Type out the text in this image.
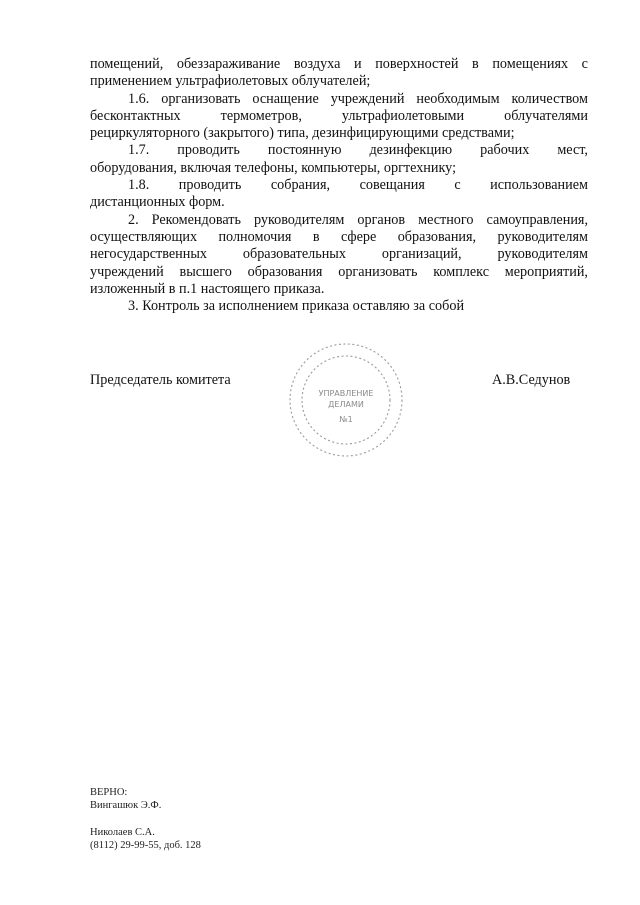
помещений, обеззараживание воздуха и поверхностей в помещениях с
применением ультрафиолетовых облучателей;
1.6. организовать оснащение учреждений необходимым количеством
бесконтактных	термометров,	ультрафиолетовыми	облучателями
рециркуляторного (закрытого) типа, дезинфицирующими средствами;
1.7. проводить постоянную дезинфекцию рабочих мест,
оборудования, включая телефоны, компьютеры, оргтехнику;
1.8. проводить собрания, совещания с использованием
дистанционных форм.
2. Рекомендовать руководителям органов местного самоуправления,
осуществляющих полномочия в сфере образования, руководителям
негосударственных	образовательных	организаций,	руководителям
учреждений высшего образования организовать комплекс мероприятий,
изложенный в п.1 настоящего приказа.
3. Контроль за исполнением приказа оставляю за собой
Председатель комитета	А.В.Седунов
УПРАВЛЕНИЕ
ДЕЛАМИ
№1
ВЕРНО:
Вингашюк Э.Ф.
Николаев С.А.
(8112) 29-99-55, доб. 128
